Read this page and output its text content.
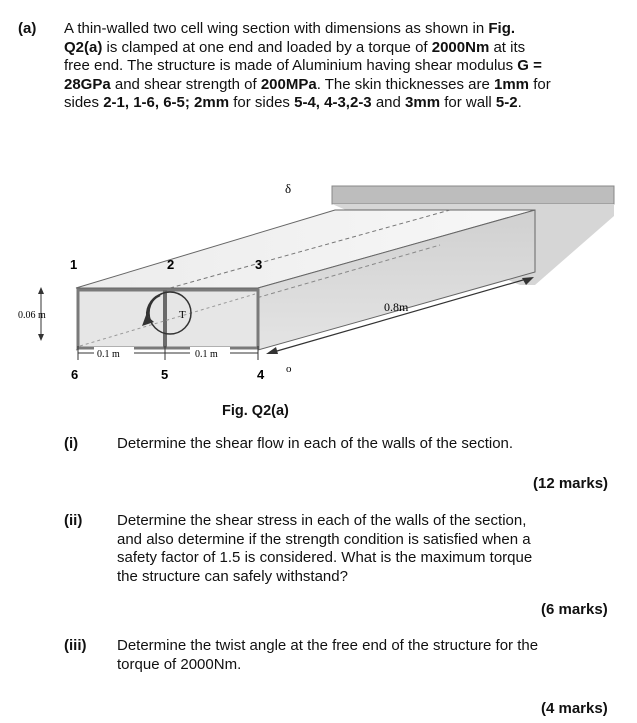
(a) A thin-walled two cell wing section with dimensions as shown in Fig. Q2(a) is clamped at one end and loaded by a torque of 2000Nm at its free end. The structure is made of Aluminium having shear modulus G = 28GPa and shear strength of 200MPa. The skin thicknesses are 1mm for sides 2-1, 1-6, 6-5; 2mm for sides 5-4, 4-3,2-3 and 3mm for wall 5-2.

T
1	2	3
4
5
6
δ
o
0.06 m
0.1 m	0.1 m
0.8m
Fig. Q2(a)
(i)	Determine the shear flow in each of the walls of the section.

(12 marks)
(ii) Determine the shear stress in each of the walls of the section, and also determine if the strength condition is satisfied when a safety factor of 1.5 is considered. What is the maximum torque the structure can safely withstand?

(6 marks)
(iii) Determine the twist angle at the free end of the structure for the torque of 2000Nm.

(4 marks)
